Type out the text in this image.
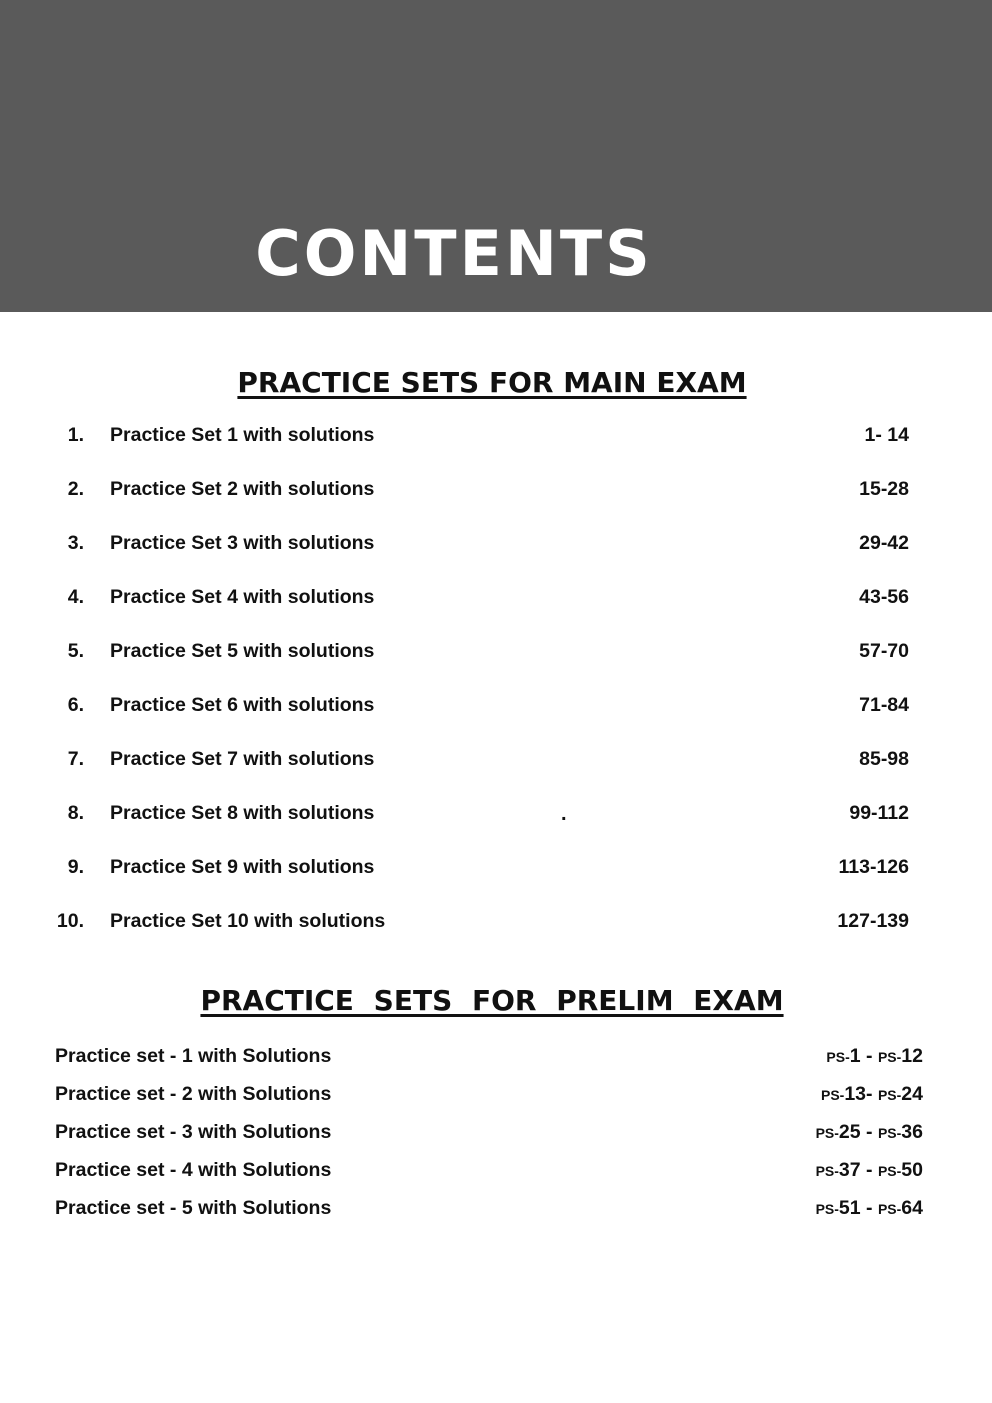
CONTENTS
PRACTICE SETS FOR MAIN EXAM
1. Practice Set 1 with solutions	1- 14
2. Practice Set 2 with solutions	15-28
3. Practice Set 3 with solutions	29-42
4. Practice Set 4 with solutions	43-56
5. Practice Set 5 with solutions	57-70
6. Practice Set 6 with solutions	71-84
7. Practice Set 7 with solutions	85-98
8. Practice Set 8 with solutions	99-112
9. Practice Set 9 with solutions	113-126
10. Practice Set 10 with solutions	127-139
.
PRACTICE SETS FOR PRELIM EXAM
Practice set - 1 with Solutions	PS-1 - PS-12
Practice set - 2 with Solutions	PS-13- PS-24
Practice set - 3 with Solutions	PS-25 - PS-36
Practice set - 4 with Solutions	PS-37 - PS-50
Practice set - 5 with Solutions	PS-51 - PS-64
